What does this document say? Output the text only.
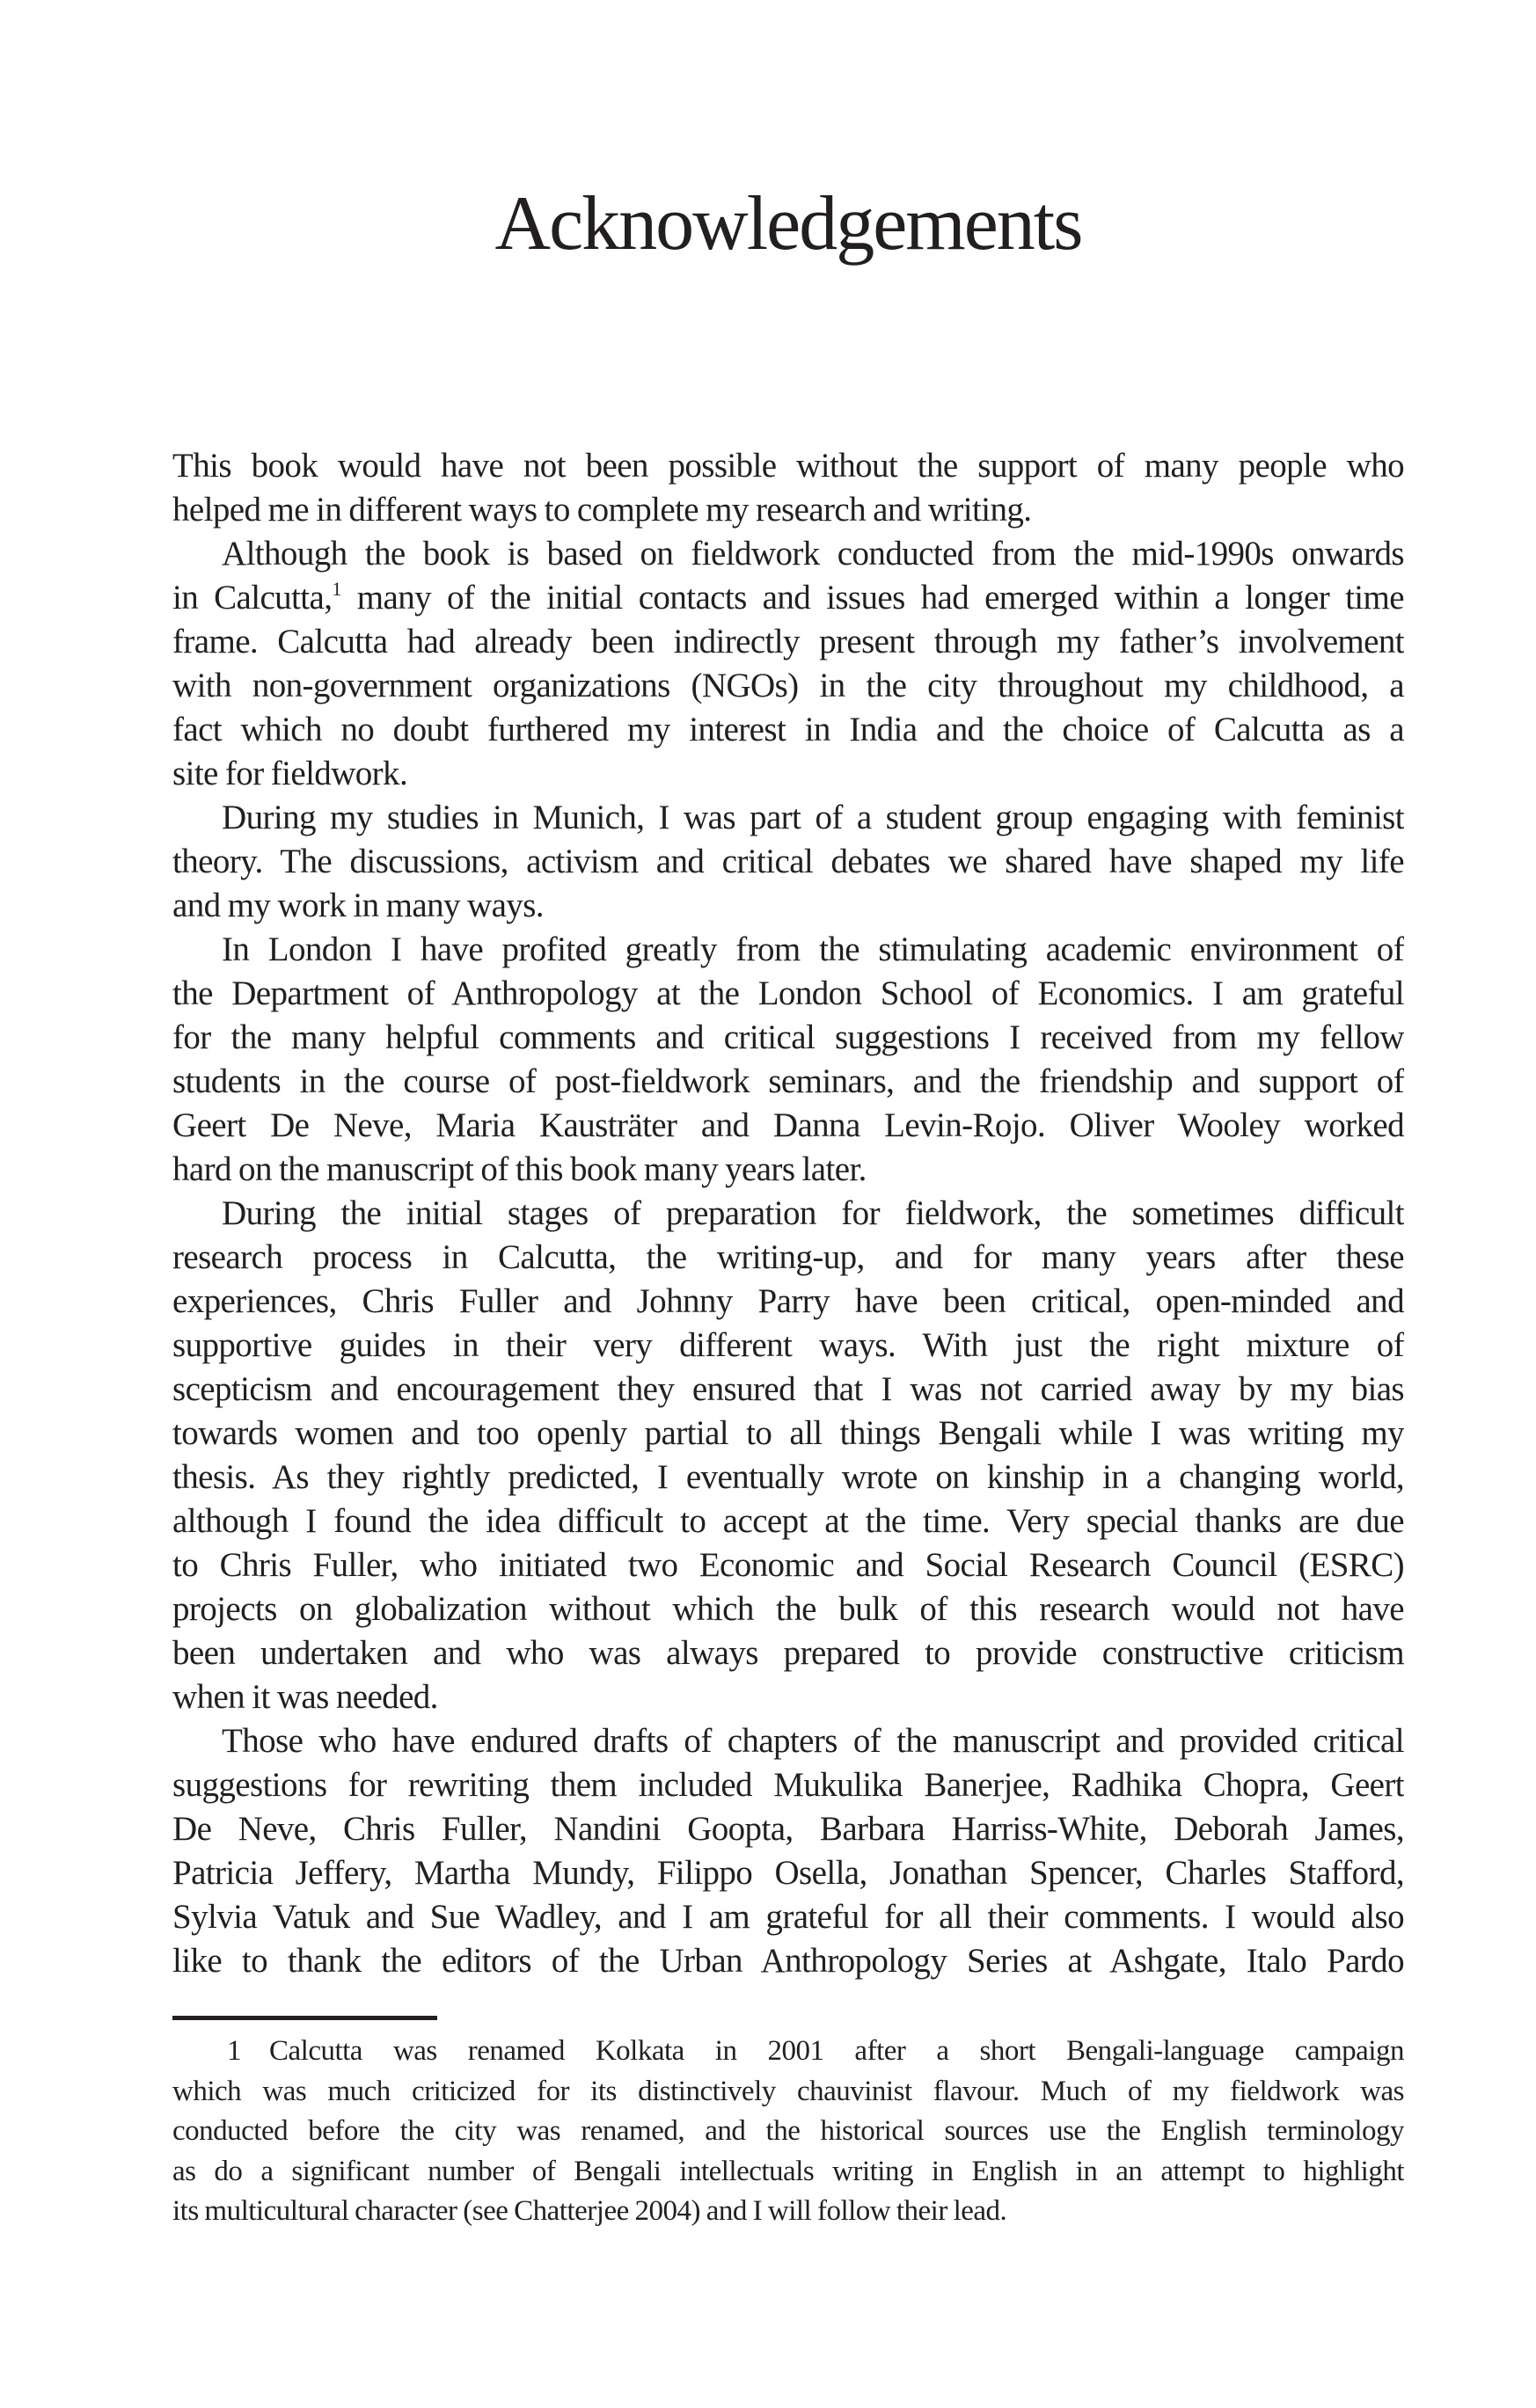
Acknowledgements
This book would have not been possible without the support of many people who
helped me in different ways to complete my research and writing.
Although the book is based on fieldwork conducted from the mid-1990s onwards
in Calcutta,$^1$ many of the initial contacts and issues had emerged within a longer time
frame. Calcutta had already been indirectly present through my father’s involvement
with non-government organizations (NGOs) in the city throughout my childhood, a
fact which no doubt furthered my interest in India and the choice of Calcutta as a
site for fieldwork.
During my studies in Munich, I was part of a student group engaging with feminist
theory. The discussions, activism and critical debates we shared have shaped my life
and my work in many ways.
In London I have profited greatly from the stimulating academic environment of
the Department of Anthropology at the London School of Economics. I am grateful
for the many helpful comments and critical suggestions I received from my fellow
students in the course of post-fieldwork seminars, and the friendship and support of
Geert De Neve, Maria Kausträter and Danna Levin-Rojo. Oliver Wooley worked
hard on the manuscript of this book many years later.
During the initial stages of preparation for fieldwork, the sometimes difficult
research process in Calcutta, the writing-up, and for many years after these
experiences, Chris Fuller and Johnny Parry have been critical, open-minded and
supportive guides in their very different ways. With just the right mixture of
scepticism and encouragement they ensured that I was not carried away by my bias
towards women and too openly partial to all things Bengali while I was writing my
thesis. As they rightly predicted, I eventually wrote on kinship in a changing world,
although I found the idea difficult to accept at the time. Very special thanks are due
to Chris Fuller, who initiated two Economic and Social Research Council (ESRC)
projects on globalization without which the bulk of this research would not have
been undertaken and who was always prepared to provide constructive criticism
when it was needed.
Those who have endured drafts of chapters of the manuscript and provided critical
suggestions for rewriting them included Mukulika Banerjee, Radhika Chopra, Geert
De Neve, Chris Fuller, Nandini Goopta, Barbara Harriss-White, Deborah James,
Patricia Jeffery, Martha Mundy, Filippo Osella, Jonathan Spencer, Charles Stafford,
Sylvia Vatuk and Sue Wadley, and I am grateful for all their comments. I would also
like to thank the editors of the Urban Anthropology Series at Ashgate, Italo Pardo
1 Calcutta was renamed Kolkata in 2001 after a short Bengali-language campaign
which was much criticized for its distinctively chauvinist flavour. Much of my fieldwork was
conducted before the city was renamed, and the historical sources use the English terminology
as do a significant number of Bengali intellectuals writing in English in an attempt to highlight
its multicultural character (see Chatterjee 2004) and I will follow their lead.
